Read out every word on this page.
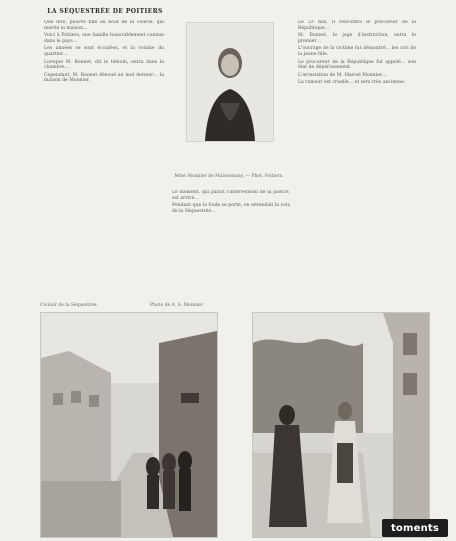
LA SÉQUESTRÉE DE POITIERS

Que dire, pauvre fille au bout de la course, qui mérite la maison…

Voici à Poitiers, une famille honorablement connue dans le pays…

Les années se sont écoulées, et la voisine du quartier…

Lorsque M. Bonnet, dit le témoin, entra dans la chambre…

Cependant, M. Bonnet dénoué au mot dernier… la maison de Monnier.

Mme Monnier de Malcenissay. — Phot. Poitiers.

Le moment, qui paraît l'intervention de la justice, est arrivé…

Pendant que la foule se porte, on entendait la voix de la Séquestrée…

Le 23 mai, il rencontra le procureur de la République…

M. Bonnet, le juge d'instruction, entra le premier…

L'ouvrage de la victime fut démontré… les cris de la jeune fille.

Le procureur de la République fut appelé… son état de dépérissement.

L'arrestation de M. Marcel Monnier…

La rumeur est cruelle… et sera très ancienne.

Couloir de la Séquestrée.	Photo de A. S. Monnier.
toments
